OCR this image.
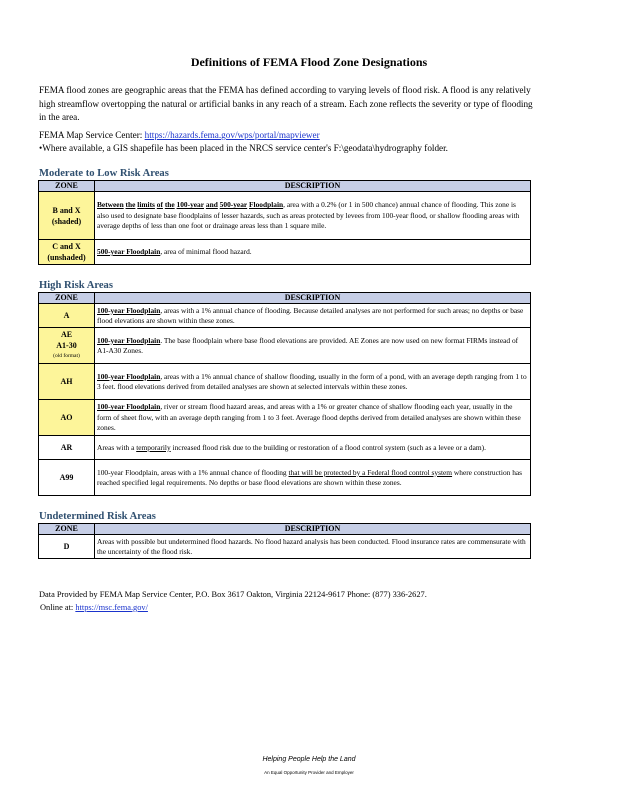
Definitions of FEMA Flood Zone Designations
FEMA flood zones are geographic areas that the FEMA has defined according to varying levels of flood risk. A flood is any relatively high streamflow overtopping the natural or artificial banks in any reach of a stream. Each zone reflects the severity or type of flooding in the area.
FEMA Map Service Center: https://hazards.fema.gov/wps/portal/mapviewer
•Where available, a GIS shapefile has been placed in the NRCS service center's F:\geodata\hydrography folder.
Moderate to Low Risk Areas
ZONE	DESCRIPTION

B and X
(shaded)	Between the limits of the 100-year and 500-year Floodplain, area with a 0.2% (or 1 in 500 chance) annual chance of flooding. This zone is also used to designate base floodplains of lesser hazards, such as areas protected by levees from 100-year flood, or shallow flooding areas with average depths of less than one foot or drainage areas less than 1 square mile.

C and X
(unshaded)	500-year Floodplain, area of minimal flood hazard.
High Risk Areas
ZONE	DESCRIPTION

A	100-year Floodplain, areas with a 1% annual chance of flooding. Because detailed analyses are not performed for such areas; no depths or base flood elevations are shown within these zones.

AE
A1-30
(old format)	100-year Floodplain. The base floodplain where base flood elevations are provided. AE Zones are now used on new format FIRMs instead of A1-A30 Zones.

AH	100-year Floodplain, areas with a 1% annual chance of shallow flooding, usually in the form of a pond, with an average depth ranging from 1 to 3 feet. flood elevations derived from detailed analyses are shown at selected intervals within these zones.

AO	100-year Floodplain, river or stream flood hazard areas, and areas with a 1% or greater chance of shallow flooding each year, usually in the form of sheet flow, with an average depth ranging from 1 to 3 feet. Average flood depths derived from detailed analyses are shown within these zones.

AR	Areas with a temporarily increased flood risk due to the building or restoration of a flood control system (such as a levee or a dam).

A99	100-year Floodplain, areas with a 1% annual chance of flooding that will be protected by a Federal flood control system where construction has reached specified legal requirements. No depths or base flood elevations are shown within these zones.
Undetermined Risk Areas
ZONE	DESCRIPTION

D	Areas with possible but undetermined flood hazards. No flood hazard analysis has been conducted. Flood insurance rates are commensurate with the uncertainty of the flood risk.
Data Provided by FEMA Map Service Center, P.O. Box 3617 Oakton, Virginia 22124-9617 Phone: (877) 336-2627.
Online at: https://msc.fema.gov/
Helping People Help the Land
An Equal Opportunity Provider and Employer
